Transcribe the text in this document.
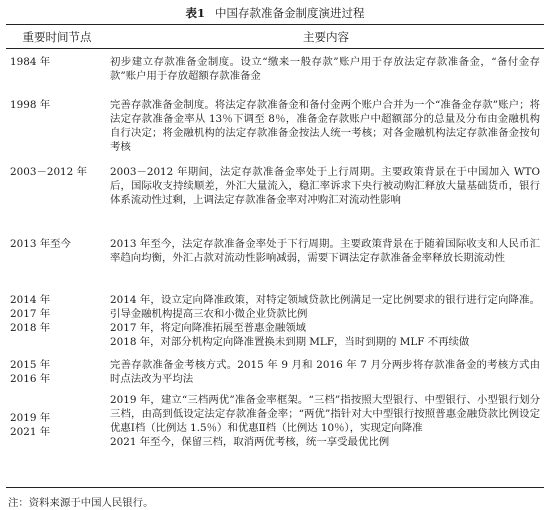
表1 中国存款准备金制度演进过程
重要时间节点	主要内容

1984 年	初步建立存款准备金制度。设立“缴来一般存款”账户用于存放法定存款准备金，“备付金存款”账户用于存放超额存款准备金

1998 年	完善存款准备金制度。将法定存款准备金和备付金两个账户合并为一个“准备金存款”账户；将法定存款准备金率从 13％下调至 8％，准备金存款账户中超额部分的总量及分布由金融机构自行决定；将金融机构的法定存款准备金按法人统一考核；对各金融机构法定存款准备金按旬考核

2003－2012 年	2003－2012 年期间，法定存款准备金率处于上行周期。主要政策背景在于中国加入 WTO 后，国际收支持续顺差，外汇大量流入，稳汇率诉求下央行被动购汇释放大量基础货币，银行体系流动性过剩，上调法定存款准备金率对冲购汇对流动性影响

2013 年至今	2013 年至今，法定存款准备金率处于下行周期。主要政策背景在于随着国际收支和人民币汇率趋向均衡，外汇占款对流动性影响减弱，需要下调法定存款准备金率释放长期流动性

2014 年
2017 年
2018 年	2014 年，设立定向降准政策，对特定领域贷款比例满足一定比例要求的银行进行定向降准。引导金融机构提高三农和小微企业贷款比例
2017 年，将定向降准拓展至普惠金融领域
2018 年，对部分机构定向降准置换未到期 MLF，当时到期的 MLF 不再续做

2015 年
2016 年	完善存款准备金考核方式。2015 年 9 月和 2016 年 7 月分两步将存款准备金的考核方式由时点法改为平均法

2019 年
2021 年	2019 年，建立“三档两优”准备金率框架。“三档”指按照大型银行、中型银行、小型银行划分三档，由高到低设定法定存款准备金率；“两优”指针对大中型银行按照普惠金融贷款比例设定优惠Ⅰ档（比例达 1.5％）和优惠Ⅱ档（比例达 10％），实现定向降准
2021 年至今，保留三档，取消两优考核，统一享受最优比例
注：资料来源于中国人民银行。
